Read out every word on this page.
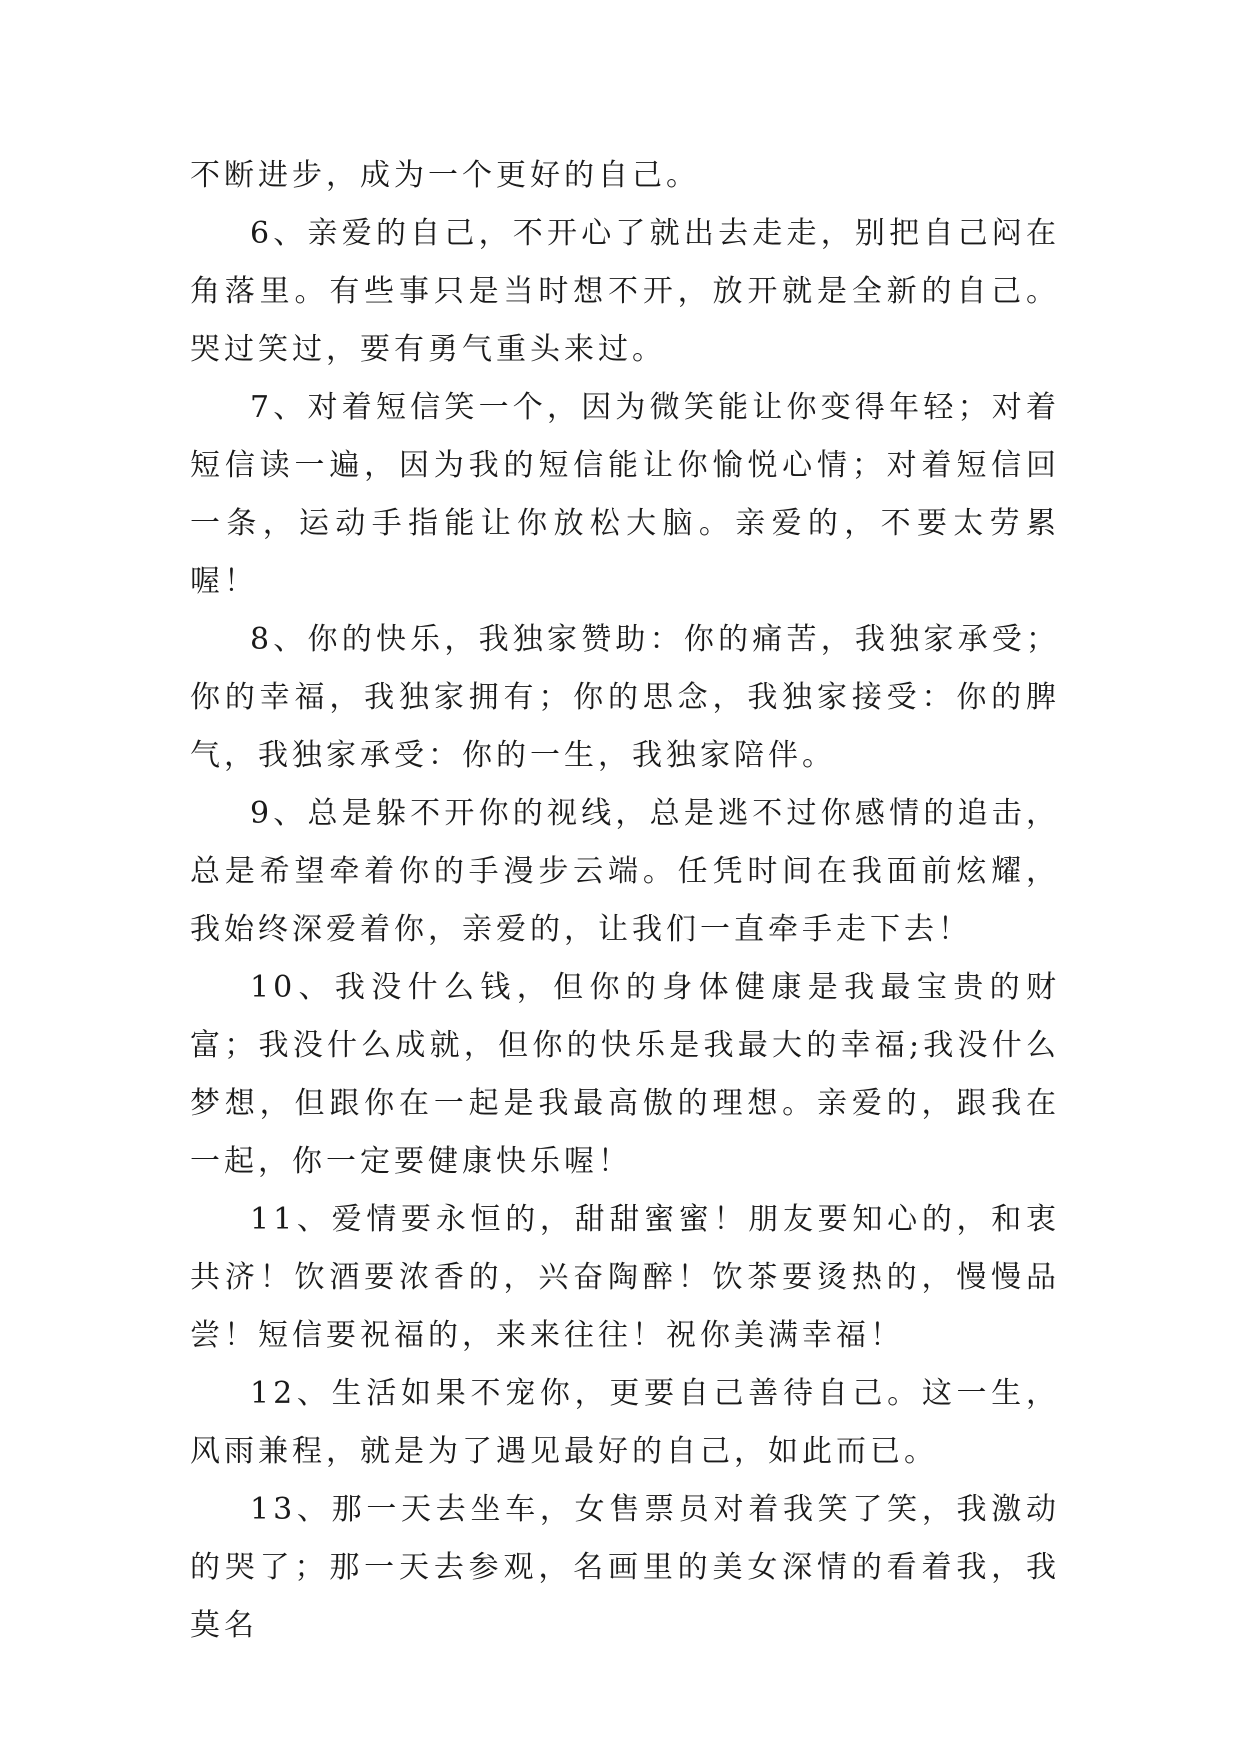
不断进步，成为一个更好的自己。

6、亲爱的自己，不开心了就出去走走，别把自己闷在角落里。有些事只是当时想不开，放开就是全新的自己。哭过笑过，要有勇气重头来过。

7、对着短信笑一个，因为微笑能让你变得年轻；对着短信读一遍，因为我的短信能让你愉悦心情；对着短信回一条，运动手指能让你放松大脑。亲爱的，不要太劳累喔！

8、你的快乐，我独家赞助：你的痛苦，我独家承受；你的幸福，我独家拥有；你的思念，我独家接受：你的脾气，我独家承受：你的一生，我独家陪伴。

9、总是躲不开你的视线，总是逃不过你感情的追击，总是希望牵着你的手漫步云端。任凭时间在我面前炫耀，我始终深爱着你，亲爱的，让我们一直牵手走下去！

10、我没什么钱，但你的身体健康是我最宝贵的财富；我没什么成就，但你的快乐是我最大的幸福;我没什么梦想，但跟你在一起是我最高傲的理想。亲爱的，跟我在一起，你一定要健康快乐喔！

11、爱情要永恒的，甜甜蜜蜜！朋友要知心的，和衷共济！饮酒要浓香的，兴奋陶醉！饮茶要烫热的，慢慢品尝！短信要祝福的，来来往往！祝你美满幸福！

12、生活如果不宠你，更要自己善待自己。这一生，风雨兼程，就是为了遇见最好的自己，如此而已。

13、那一天去坐车，女售票员对着我笑了笑，我激动的哭了；那一天去参观，名画里的美女深情的看着我，我莫名
